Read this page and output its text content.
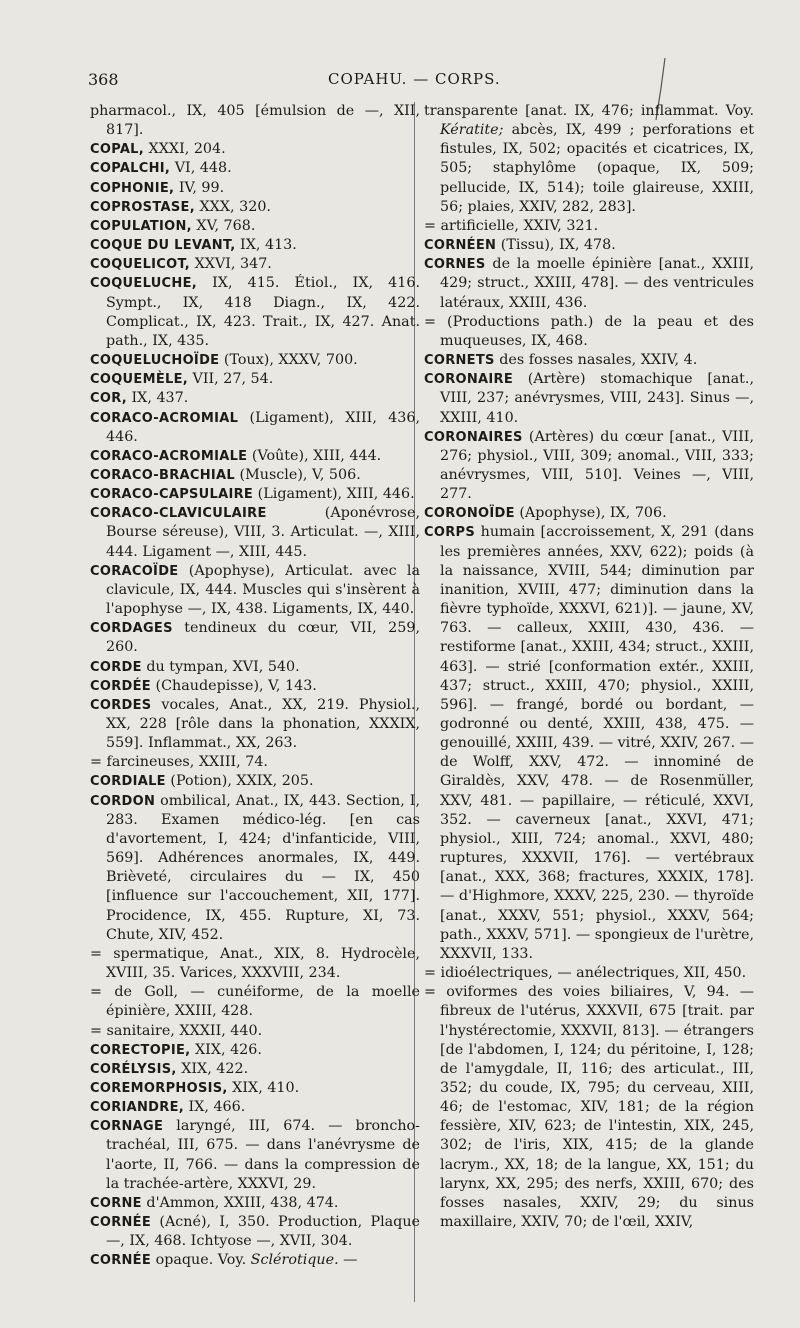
368	COPAHU. — CORPS.

pharmacol., IX, 405 [émulsion de —, XII, 817].

COPAL, XXXI, 204.

COPALCHI, VI, 448.

COPHONIE, IV, 99.

COPROSTASE, XXX, 320.

COPULATION, XV, 768.

COQUE DU LEVANT, IX, 413.

COQUELICOT, XXVI, 347.

COQUELUCHE, IX, 415. Étiol., IX, 416. Sympt., IX, 418 Diagn., IX, 422. Complicat., IX, 423. Trait., IX, 427. Anat. path., IX, 435.

COQUELUCHOÏDE (Toux), XXXV, 700.

COQUEMÈLE, VII, 27, 54.

COR, IX, 437.

CORACO-ACROMIAL (Ligament), XIII, 436, 446.

CORACO-ACROMIALE (Voûte), XIII, 444.

CORACO-BRACHIAL (Muscle), V, 506.

CORACO-CAPSULAIRE (Ligament), XIII, 446.

CORACO-CLAVICULAIRE (Aponévrose, Bourse séreuse), VIII, 3. Articulat. —, XIII, 444. Ligament —, XIII, 445.

CORACOÏDE (Apophyse), Articulat. avec la clavicule, IX, 444. Muscles qui s'insèrent à l'apophyse —, IX, 438. Ligaments, IX, 440.

CORDAGES tendineux du cœur, VII, 259, 260.

CORDE du tympan, XVI, 540.

CORDÉE (Chaudepisse), V, 143.

CORDES vocales, Anat., XX, 219. Physiol., XX, 228 [rôle dans la phonation, XXXIX, 559]. Inflammat., XX, 263.

= farcineuses, XXIII, 74.

CORDIALE (Potion), XXIX, 205.

CORDON ombilical, Anat., IX, 443. Section, I, 283. Examen médico-lég. [en cas d'avortement, I, 424; d'infanticide, VIII, 569]. Adhérences anormales, IX, 449. Brièveté, circulaires du — IX, 450 [influence sur l'accouchement, XII, 177]. Procidence, IX, 455. Rupture, XI, 73. Chute, XIV, 452.

= spermatique, Anat., XIX, 8. Hydrocèle, XVIII, 35. Varices, XXXVIII, 234.

= de Goll, — cunéiforme, de la moelle épinière, XXIII, 428.

= sanitaire, XXXII, 440.

CORECTOPIE, XIX, 426.

CORÉLYSIS, XIX, 422.

COREMORPHOSIS, XIX, 410.

CORIANDRE, IX, 466.

CORNAGE laryngé, III, 674. — broncho-trachéal, III, 675. — dans l'anévrysme de l'aorte, II, 766. — dans la compression de la trachée-artère, XXXVI, 29.

CORNE d'Ammon, XXIII, 438, 474.

CORNÉE (Acné), I, 350. Production, Plaque —, IX, 468. Ichtyose —, XVII, 304.

CORNÉE opaque. Voy. Sclérotique. —

transparente [anat. IX, 476; inflammat. Voy. Kératite; abcès, IX, 499 ; perforations et fistules, IX, 502; opacités et cicatrices, IX, 505; staphylôme (opaque, IX, 509; pellucide, IX, 514); toile glaireuse, XXIII, 56; plaies, XXIV, 282, 283].

= artificielle, XXIV, 321.

CORNÉEN (Tissu), IX, 478.

CORNES de la moelle épinière [anat., XXIII, 429; struct., XXIII, 478]. — des ventricules latéraux, XXIII, 436.

= (Productions path.) de la peau et des muqueuses, IX, 468.

CORNETS des fosses nasales, XXIV, 4.

CORONAIRE (Artère) stomachique [anat., VIII, 237; anévrysmes, VIII, 243]. Sinus —, XXIII, 410.

CORONAIRES (Artères) du cœur [anat., VIII, 276; physiol., VIII, 309; anomal., VIII, 333; anévrysmes, VIII, 510]. Veines —, VIII, 277.

CORONOÏDE (Apophyse), IX, 706.

CORPS humain [accroissement, X, 291 (dans les premières années, XXV, 622); poids (à la naissance, XVIII, 544; diminution par inanition, XVIII, 477; diminution dans la fièvre typhoïde, XXXVI, 621)]. — jaune, XV, 763. — calleux, XXIII, 430, 436. — restiforme [anat., XXIII, 434; struct., XXIII, 463]. — strié [conformation extér., XXIII, 437; struct., XXIII, 470; physiol., XXIII, 596]. — frangé, bordé ou bordant, — godronné ou denté, XXIII, 438, 475. — genouillé, XXIII, 439. — vitré, XXIV, 267. — de Wolff, XXV, 472. — innominé de Giraldès, XXV, 478. — de Rosenmüller, XXV, 481. — papillaire, — réticulé, XXVI, 352. — caverneux [anat., XXVI, 471; physiol., XIII, 724; anomal., XXVI, 480; ruptures, XXXVII, 176]. — vertébraux [anat., XXX, 368; fractures, XXXIX, 178]. — d'Highmore, XXXV, 225, 230. — thyroïde [anat., XXXV, 551; physiol., XXXV, 564; path., XXXV, 571]. — spongieux de l'urètre, XXXVII, 133.

= idioélectriques, — anélectriques, XII, 450.

= oviformes des voies biliaires, V, 94. — fibreux de l'utérus, XXXVII, 675 [trait. par l'hystérectomie, XXXVII, 813]. — étrangers [de l'abdomen, I, 124; du péritoine, I, 128; de l'amygdale, II, 116; des articulat., III, 352; du coude, IX, 795; du cerveau, XIII, 46; de l'estomac, XIV, 181; de la région fessière, XIV, 623; de l'intestin, XIX, 245, 302; de l'iris, XIX, 415; de la glande lacrym., XX, 18; de la langue, XX, 151; du larynx, XX, 295; des nerfs, XXIII, 670; des fosses nasales, XXIV, 29; du sinus maxillaire, XXIV, 70; de l'œil, XXIV,
